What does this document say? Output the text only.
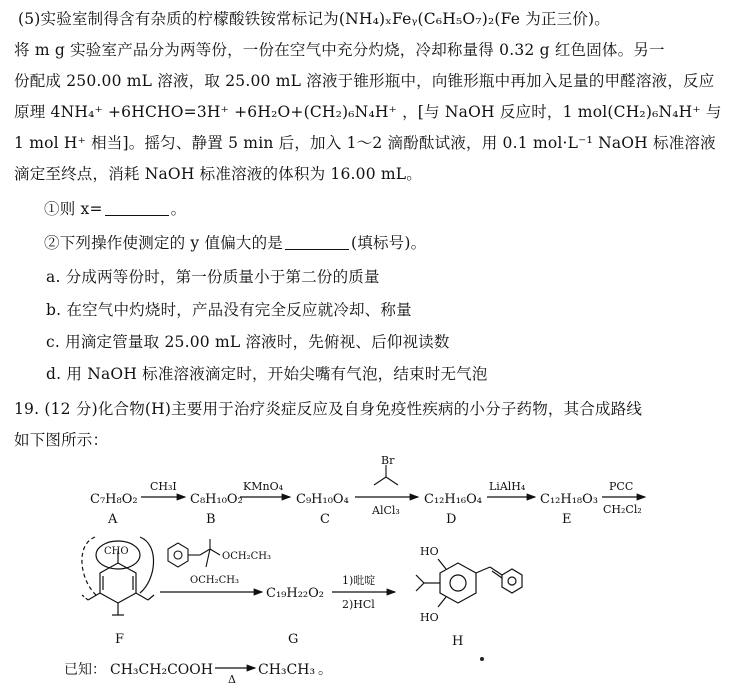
(5)实验室制得含有杂质的柠檬酸铁铵常标记为(NH₄)ₓFeᵧ(C₆H₅O₇)₂(Fe 为正三价)。
将 m g 实验室产品分为两等份，一份在空气中充分灼烧，冷却称量得 0.32 g 红色固体。另一
份配成 250.00 mL 溶液，取 25.00 mL 溶液于锥形瓶中，向锥形瓶中再加入足量的甲醛溶液，反应
原理 4NH₄⁺ +6HCHO=3H⁺ +6H₂O+(CH₂)₆N₄H⁺ ，[与 NaOH 反应时，1 mol(CH₂)₆N₄H⁺ 与
1 mol H⁺ 相当]。摇匀、静置 5 min 后，加入 1～2 滴酚酞试液，用 0.1 mol·L⁻¹ NaOH 标准溶液
滴定至终点，消耗 NaOH 标准溶液的体积为 16.00 mL。
①则 x=	。
②下列操作使测定的 y 值偏大的是	(填标号)。
a. 分成两等份时，第一份质量小于第二份的质量
b. 在空气中灼烧时，产品没有完全反应就冷却、称量
c. 用滴定管量取 25.00 mL 溶液时，先俯视、后仰视读数
d. 用 NaOH 标准溶液滴定时，开始尖嘴有气泡，结束时无气泡
19. (12 分)化合物(H)主要用于治疗炎症反应及自身免疫性疾病的小分子药物，其合成路线
如下图所示：
C₇H₈O₂
A
CH₃I
C₈H₁₀O₂
B
KMnO₄
C₉H₁₀O₄
C
Br
AlCl₃
C₁₂H₁₆O₄
D
LiAlH₄
C₁₂H₁₈O₃
E
PCC
CH₂Cl₂
CHO	OCH₂CH₃
OCH₂CH₃
F
C₁₉H₂₂O₂
G
1)吡啶
2)HCl
HO
HO
H
已知： CH₃CH₂COOH
Δ
CH₃CH₃ 。
